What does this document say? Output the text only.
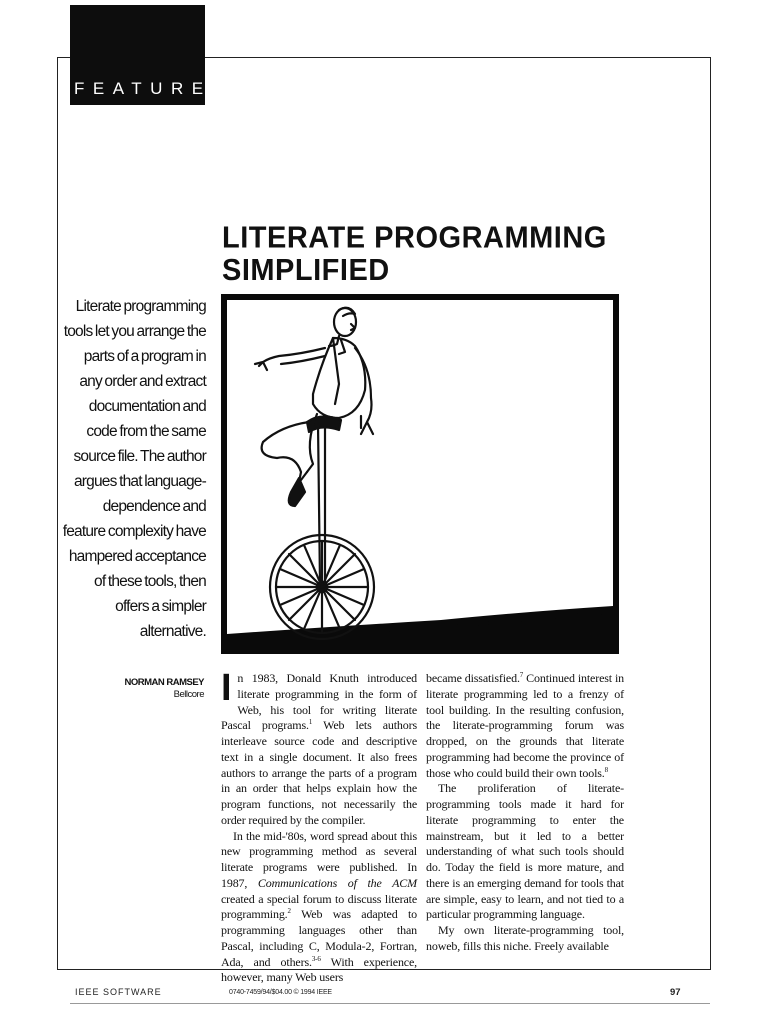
FEATURE
LITERATE PROGRAMMING SIMPLIFIED

Literate programming tools let you arrange the parts of a program in any order and extract documentation and code from the same source file. The author argues that language-dependence and feature complexity have hampered acceptance of these tools, then offers a simpler alternative.

NORMAN RAMSEY
Bellcore In 1983, Donald Knuth introduced literate programming in the form of Web, his tool for writing literate Pascal programs.$^1$ Web lets authors interleave source code and descriptive text in a single document. It also frees authors to arrange the parts of a program in an order that helps explain how the program functions, not necessarily the order required by the compiler.

In the mid-'80s, word spread about this new programming method as several literate programs were published. In 1987, Communications of the ACM created a special forum to discuss literate programming.$^2$ Web was adapted to programming languages other than Pascal, including C, Modula-2, Fortran, Ada, and others.$^{3-6}$ With experience, however, many Web users

became dissatisfied.$^7$ Continued interest in literate programming led to a frenzy of tool building. In the resulting confusion, the literate-programming forum was dropped, on the grounds that literate programming had become the province of those who could build their own tools.$^8$

The proliferation of literate-programming tools made it hard for literate programming to enter the mainstream, but it led to a better understanding of what such tools should do. Today the field is more mature, and there is an emerging demand for tools that are simple, easy to learn, and not tied to a particular programming language.

My own literate-programming tool, noweb, fills this niche. Freely available

IEEE SOFTWARE	0740-7459/94/$04.00 © 1994 IEEE	97
